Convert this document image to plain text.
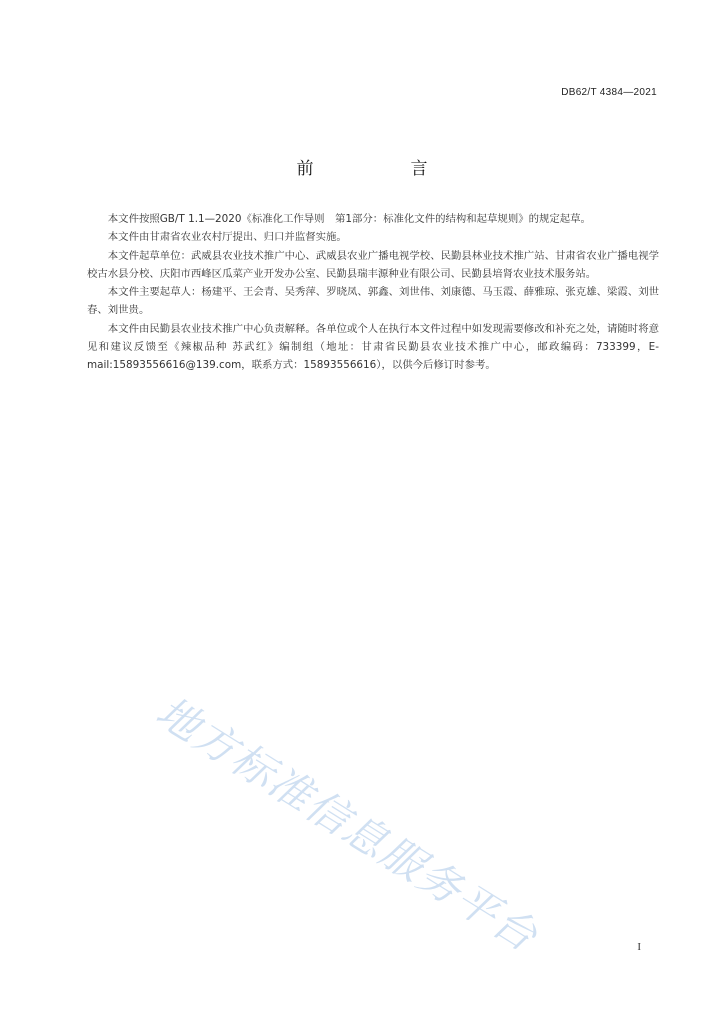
DB62/T 4384—2021
前　言

本文件按照GB/T 1.1—2020《标准化工作导则　第1部分：标准化文件的结构和起草规则》的规定起草。

本文件由甘肃省农业农村厅提出、归口并监督实施。

本文件起草单位：武威县农业技术推广中心、武威县农业广播电视学校、民勤县林业技术推广站、甘肃省农业广播电视学校古水县分校、庆阳市西峰区瓜菜产业开发办公室、民勤县瑞丰源种业有限公司、民勤县培肾农业技术服务站。

本文件主要起草人：杨建平、王会青、吴秀萍、罗晓凤、郭鑫、刘世伟、刘康德、马玉霞、薛雅琼、张克雄、梁霞、刘世春、刘世贵。

本文件由民勤县农业技术推广中心负责解释。各单位或个人在执行本文件过程中如发现需要修改和补充之处，请随时将意见和建议反馈至《辣椒品种 苏武红》编制组（地址：甘肃省民勤县农业技术推广中心，邮政编码：733399，E-mail:15893556616@139.com，联系方式：15893556616），以供今后修订时参考。

地方标准信息服务平台	I
